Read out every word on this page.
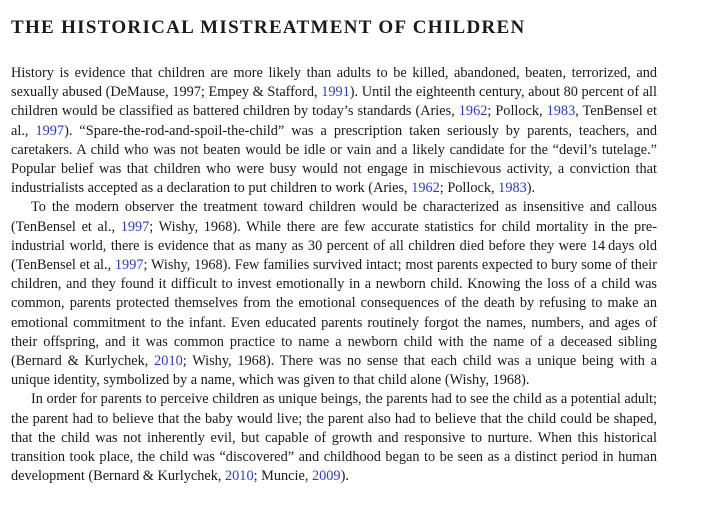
THE HISTORICAL MISTREATMENT OF CHILDREN

History is evidence that children are more likely than adults to be killed, abandoned, beaten, terrorized, and sexually abused (DeMause, 1997; Empey & Stafford, 1991). Until the eighteenth century, about 80 percent of all children would be classified as battered children by today’s standards (Aries, 1962; Pollock, 1983, TenBensel et al., 1997). “Spare-the-rod-and-spoil-the-child” was a prescription taken seriously by parents, teachers, and caretakers. A child who was not beaten would be idle or vain and a likely candidate for the “devil’s tutelage.” Popular belief was that children who were busy would not engage in mischievous activity, a conviction that industrialists accepted as a declaration to put children to work (Aries, 1962; Pollock, 1983).

To the modern observer the treatment toward children would be characterized as insensitive and callous (TenBensel et al., 1997; Wishy, 1968). While there are few accurate statistics for child mortality in the pre-industrial world, there is evidence that as many as 30 percent of all children died before they were 14 days old (TenBensel et al., 1997; Wishy, 1968). Few families survived intact; most parents expected to bury some of their children, and they found it difficult to invest emotionally in a newborn child. Knowing the loss of a child was common, parents protected themselves from the emotional consequences of the death by refusing to make an emotional commitment to the infant. Even educated parents routinely forgot the names, numbers, and ages of their offspring, and it was common practice to name a newborn child with the name of a deceased sibling (Bernard & Kurlychek, 2010; Wishy, 1968). There was no sense that each child was a unique being with a unique identity, symbolized by a name, which was given to that child alone (Wishy, 1968).

In order for parents to perceive children as unique beings, the parents had to see the child as a potential adult; the parent had to believe that the baby would live; the parent also had to believe that the child could be shaped, that the child was not inherently evil, but capable of growth and responsive to nurture. When this historical transition took place, the child was “discovered” and childhood began to be seen as a distinct period in human development (Bernard & Kurlychek, 2010; Muncie, 2009).
